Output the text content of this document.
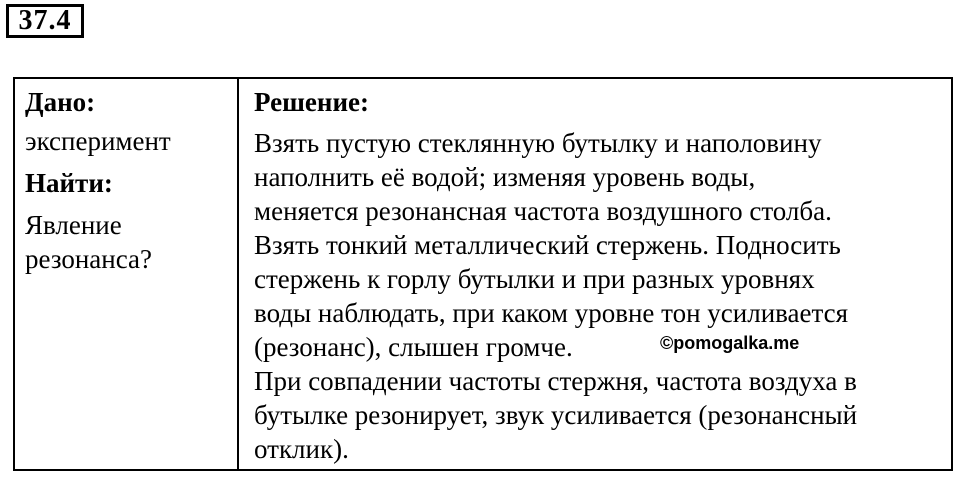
37.4
Дано:
эксперимент
Найти:
Явление
резонанса?
Решение:
Взять пустую стеклянную бутылку и наполовину
наполнить её водой; изменяя уровень воды,
меняется резонансная частота воздушного столба.
Взять тонкий металлический стержень. Подносить
стержень к горлу бутылки и при разных уровнях
воды наблюдать, при каком уровне тон усиливается
(резонанс), слышен громче.
При совпадении частоты стержня, частота воздуха в
бутылке резонирует, звук усиливается (резонансный
отклик).
©pomogalka.me
